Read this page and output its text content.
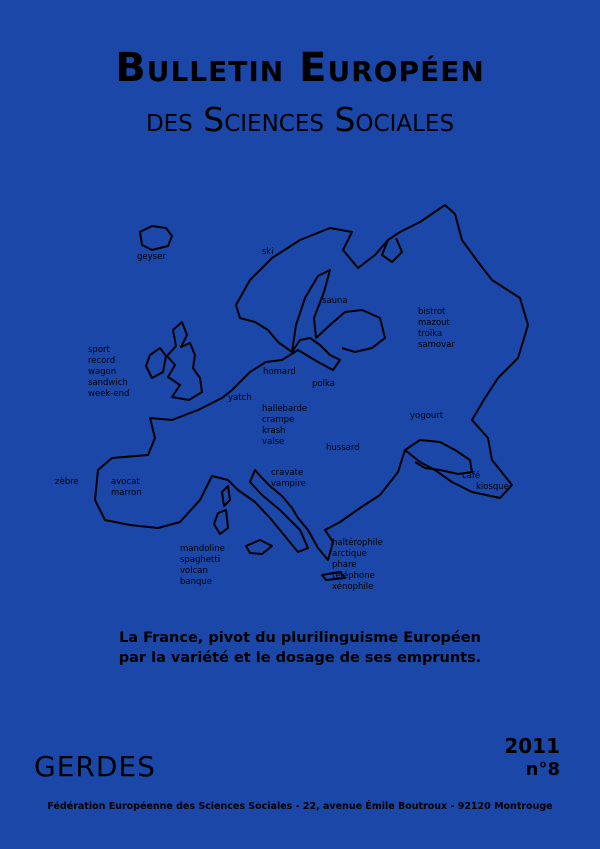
Bulletin Européen
des Sciences Sociales
geyser	ski
sauna
bistrot
mazout
troïka
samovar
sport
record
wagon
sandwich
week-end
homard
polka
yatch
hallebarde
crampe
krash
valse
yogourt
hussard
café
kiosque
zèbre	avocat
marron
cravate
vampire
mandoline
spaghetti
volcan
banque
haltérophile
arctique
phare
téléphone
xénophile
La France, pivot du plurilinguisme Européen
par la variété et le dosage de ses emprunts.
GERDES
2011
n°8
Fédération Européenne des Sciences Sociales - 22, avenue Émile Boutroux - 92120 Montrouge
